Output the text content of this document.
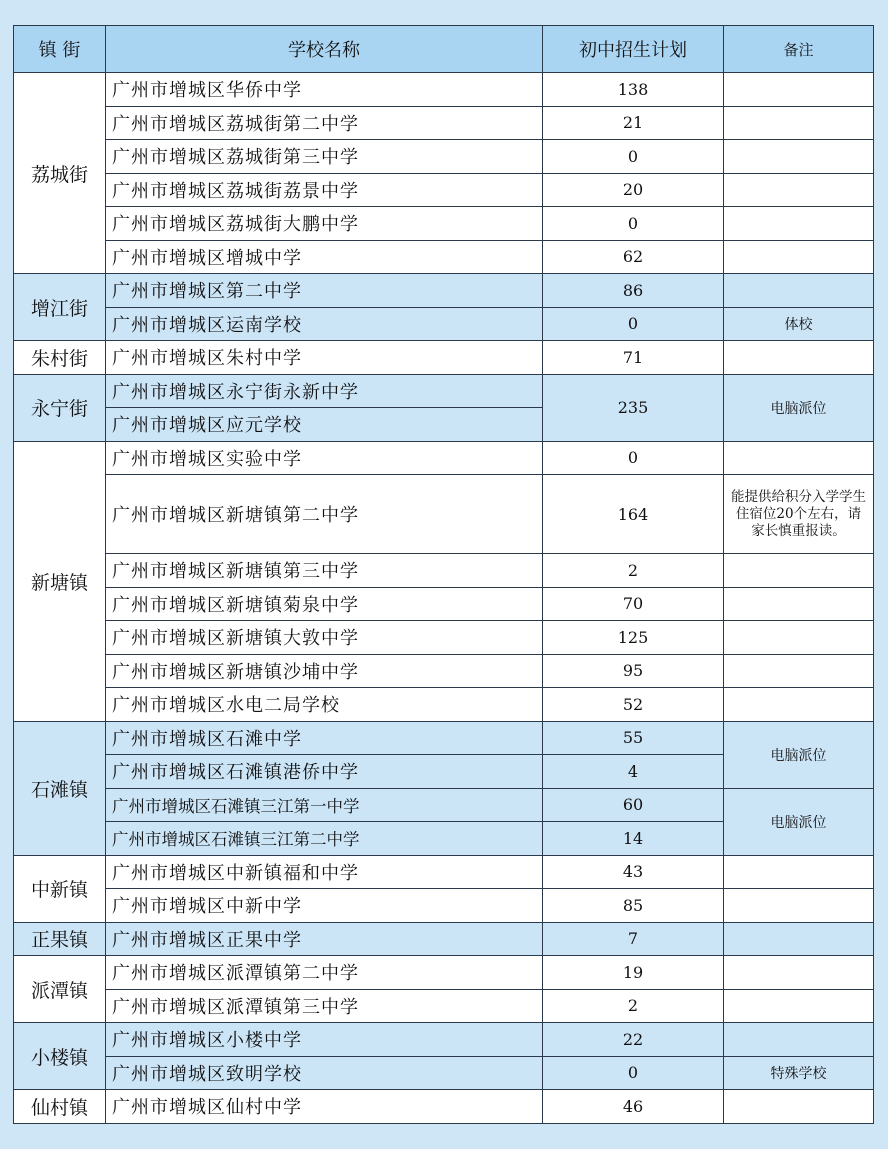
镇 街	学校名称	初中招生计划	备注
荔城街	广州市增城区华侨中学	138	
	广州市增城区荔城街第二中学	21	
	广州市增城区荔城街第三中学	0	
	广州市增城区荔城街荔景中学	20	
	广州市增城区荔城街大鹏中学	0	
	广州市增城区增城中学	62	
增江街	广州市增城区第二中学	86	
	广州市增城区运南学校	0	体校
朱村街	广州市增城区朱村中学	71	
永宁街	广州市增城区永宁街永新中学	235	电脑派位
	广州市增城区应元学校		
新塘镇	广州市增城区实验中学	0	
	广州市增城区新塘镇第二中学	164	能提供给积分入学学生住宿位20个左右，请家长慎重报读。
	广州市增城区新塘镇第三中学	2	
	广州市增城区新塘镇菊泉中学	70	
	广州市增城区新塘镇大敦中学	125	
	广州市增城区新塘镇沙埔中学	95	
	广州市增城区水电二局学校	52	
石滩镇	广州市增城区石滩中学	55	电脑派位
	广州市增城区石滩镇港侨中学	4	
	广州市增城区石滩镇三江第一中学	60	电脑派位
	广州市增城区石滩镇三江第二中学	14	
中新镇	广州市增城区中新镇福和中学	43	
	广州市增城区中新中学	85	
正果镇	广州市增城区正果中学	7	
派潭镇	广州市增城区派潭镇第二中学	19	
	广州市增城区派潭镇第三中学	2	
小楼镇	广州市增城区小楼中学	22	
	广州市增城区致明学校	0	特殊学校
仙村镇	广州市增城区仙村中学	46	
